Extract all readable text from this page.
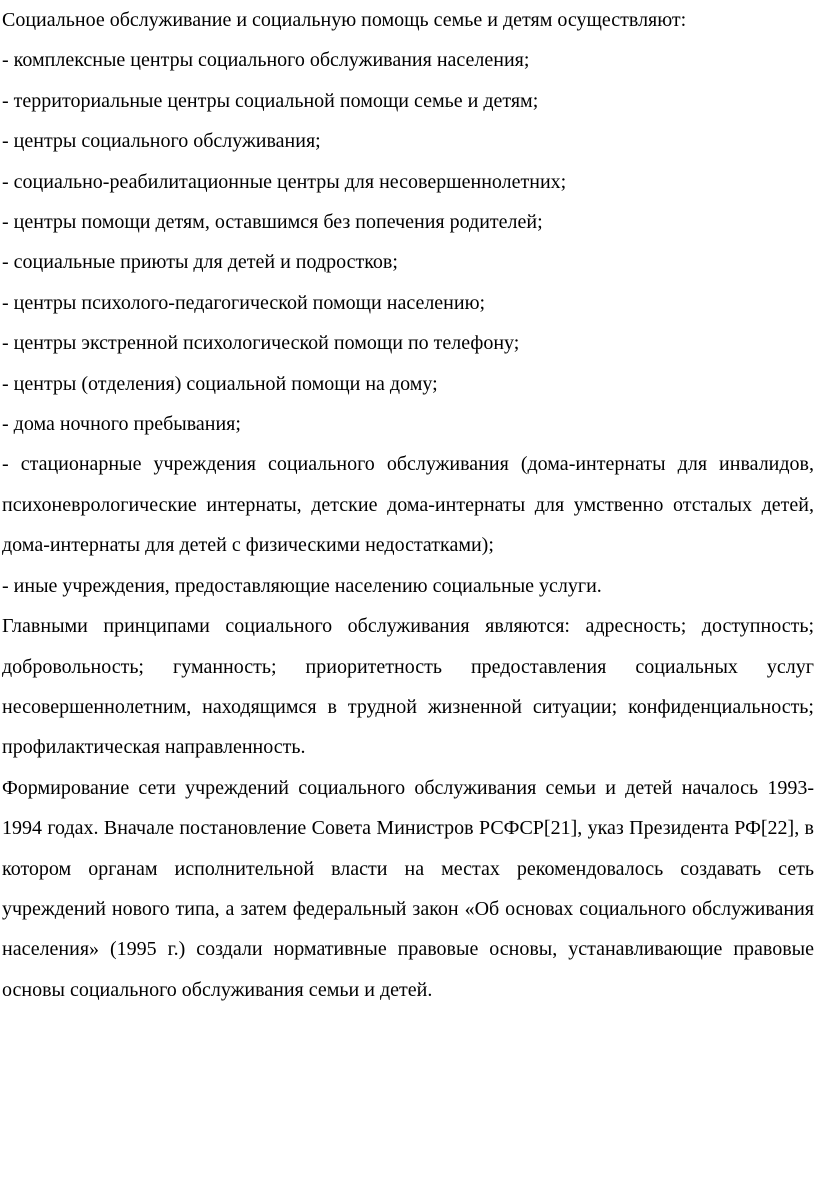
Социальное обслуживание и социальную помощь семье и детям осуществляют:

- комплексные центры социального обслуживания населения;

- территориальные центры социальной помощи семье и детям;

- центры социального обслуживания;

- социально-реабилитационные центры для несовершеннолетних;

- центры помощи детям, оставшимся без попечения родителей;

- социальные приюты для детей и подростков;

- центры психолого-педагогической помощи населению;

- центры экстренной психологической помощи по телефону;

- центры (отделения) социальной помощи на дому;

- дома ночного пребывания;

- стационарные учреждения социального обслуживания (дома-интернаты для инвалидов, психоневрологические интернаты, детские дома-интернаты для умственно отсталых детей, дома-интернаты для детей с физическими недостатками);

- иные учреждения, предоставляющие населению социальные услуги.

Главными принципами социального обслуживания являются: адресность; доступность; добровольность; гуманность; приоритетность предоставления социальных услуг несовершеннолетним, находящимся в трудной жизненной ситуации; конфиденциальность; профилактическая направленность.

Формирование сети учреждений социального обслуживания семьи и детей началось 1993-1994 годах. Вначале постановление Совета Министров РСФСР[21], указ Президента РФ[22], в котором органам исполнительной власти на местах рекомендовалось создавать сеть учреждений нового типа, а затем федеральный закон «Об основах социального обслуживания населения» (1995 г.) создали нормативные правовые основы, устанавливающие правовые основы социального обслуживания семьи и детей.
